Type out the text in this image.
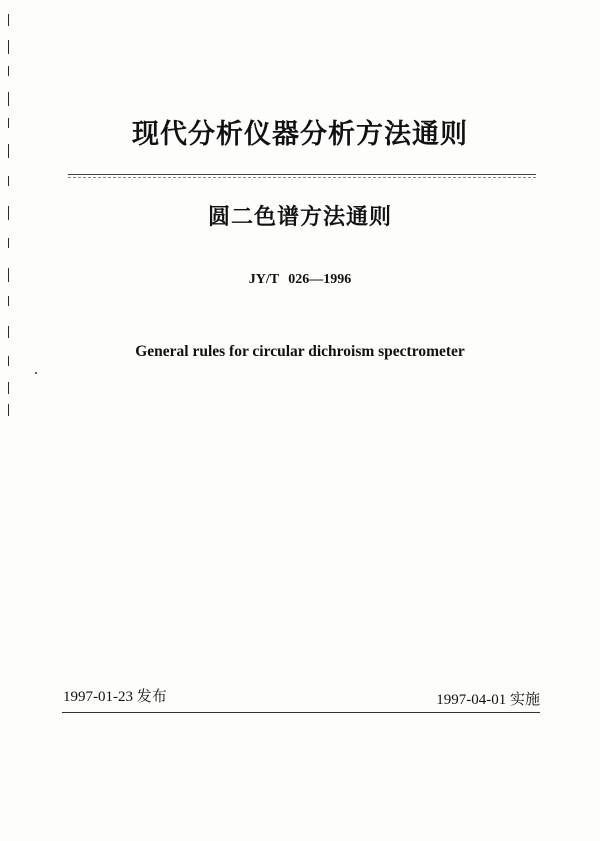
现代分析仪器分析方法通则
圆二色谱方法通则
JY/T 026—1996
General rules for circular dichroism spectrometer
1997-01-23 发布	1997-04-01 实施
